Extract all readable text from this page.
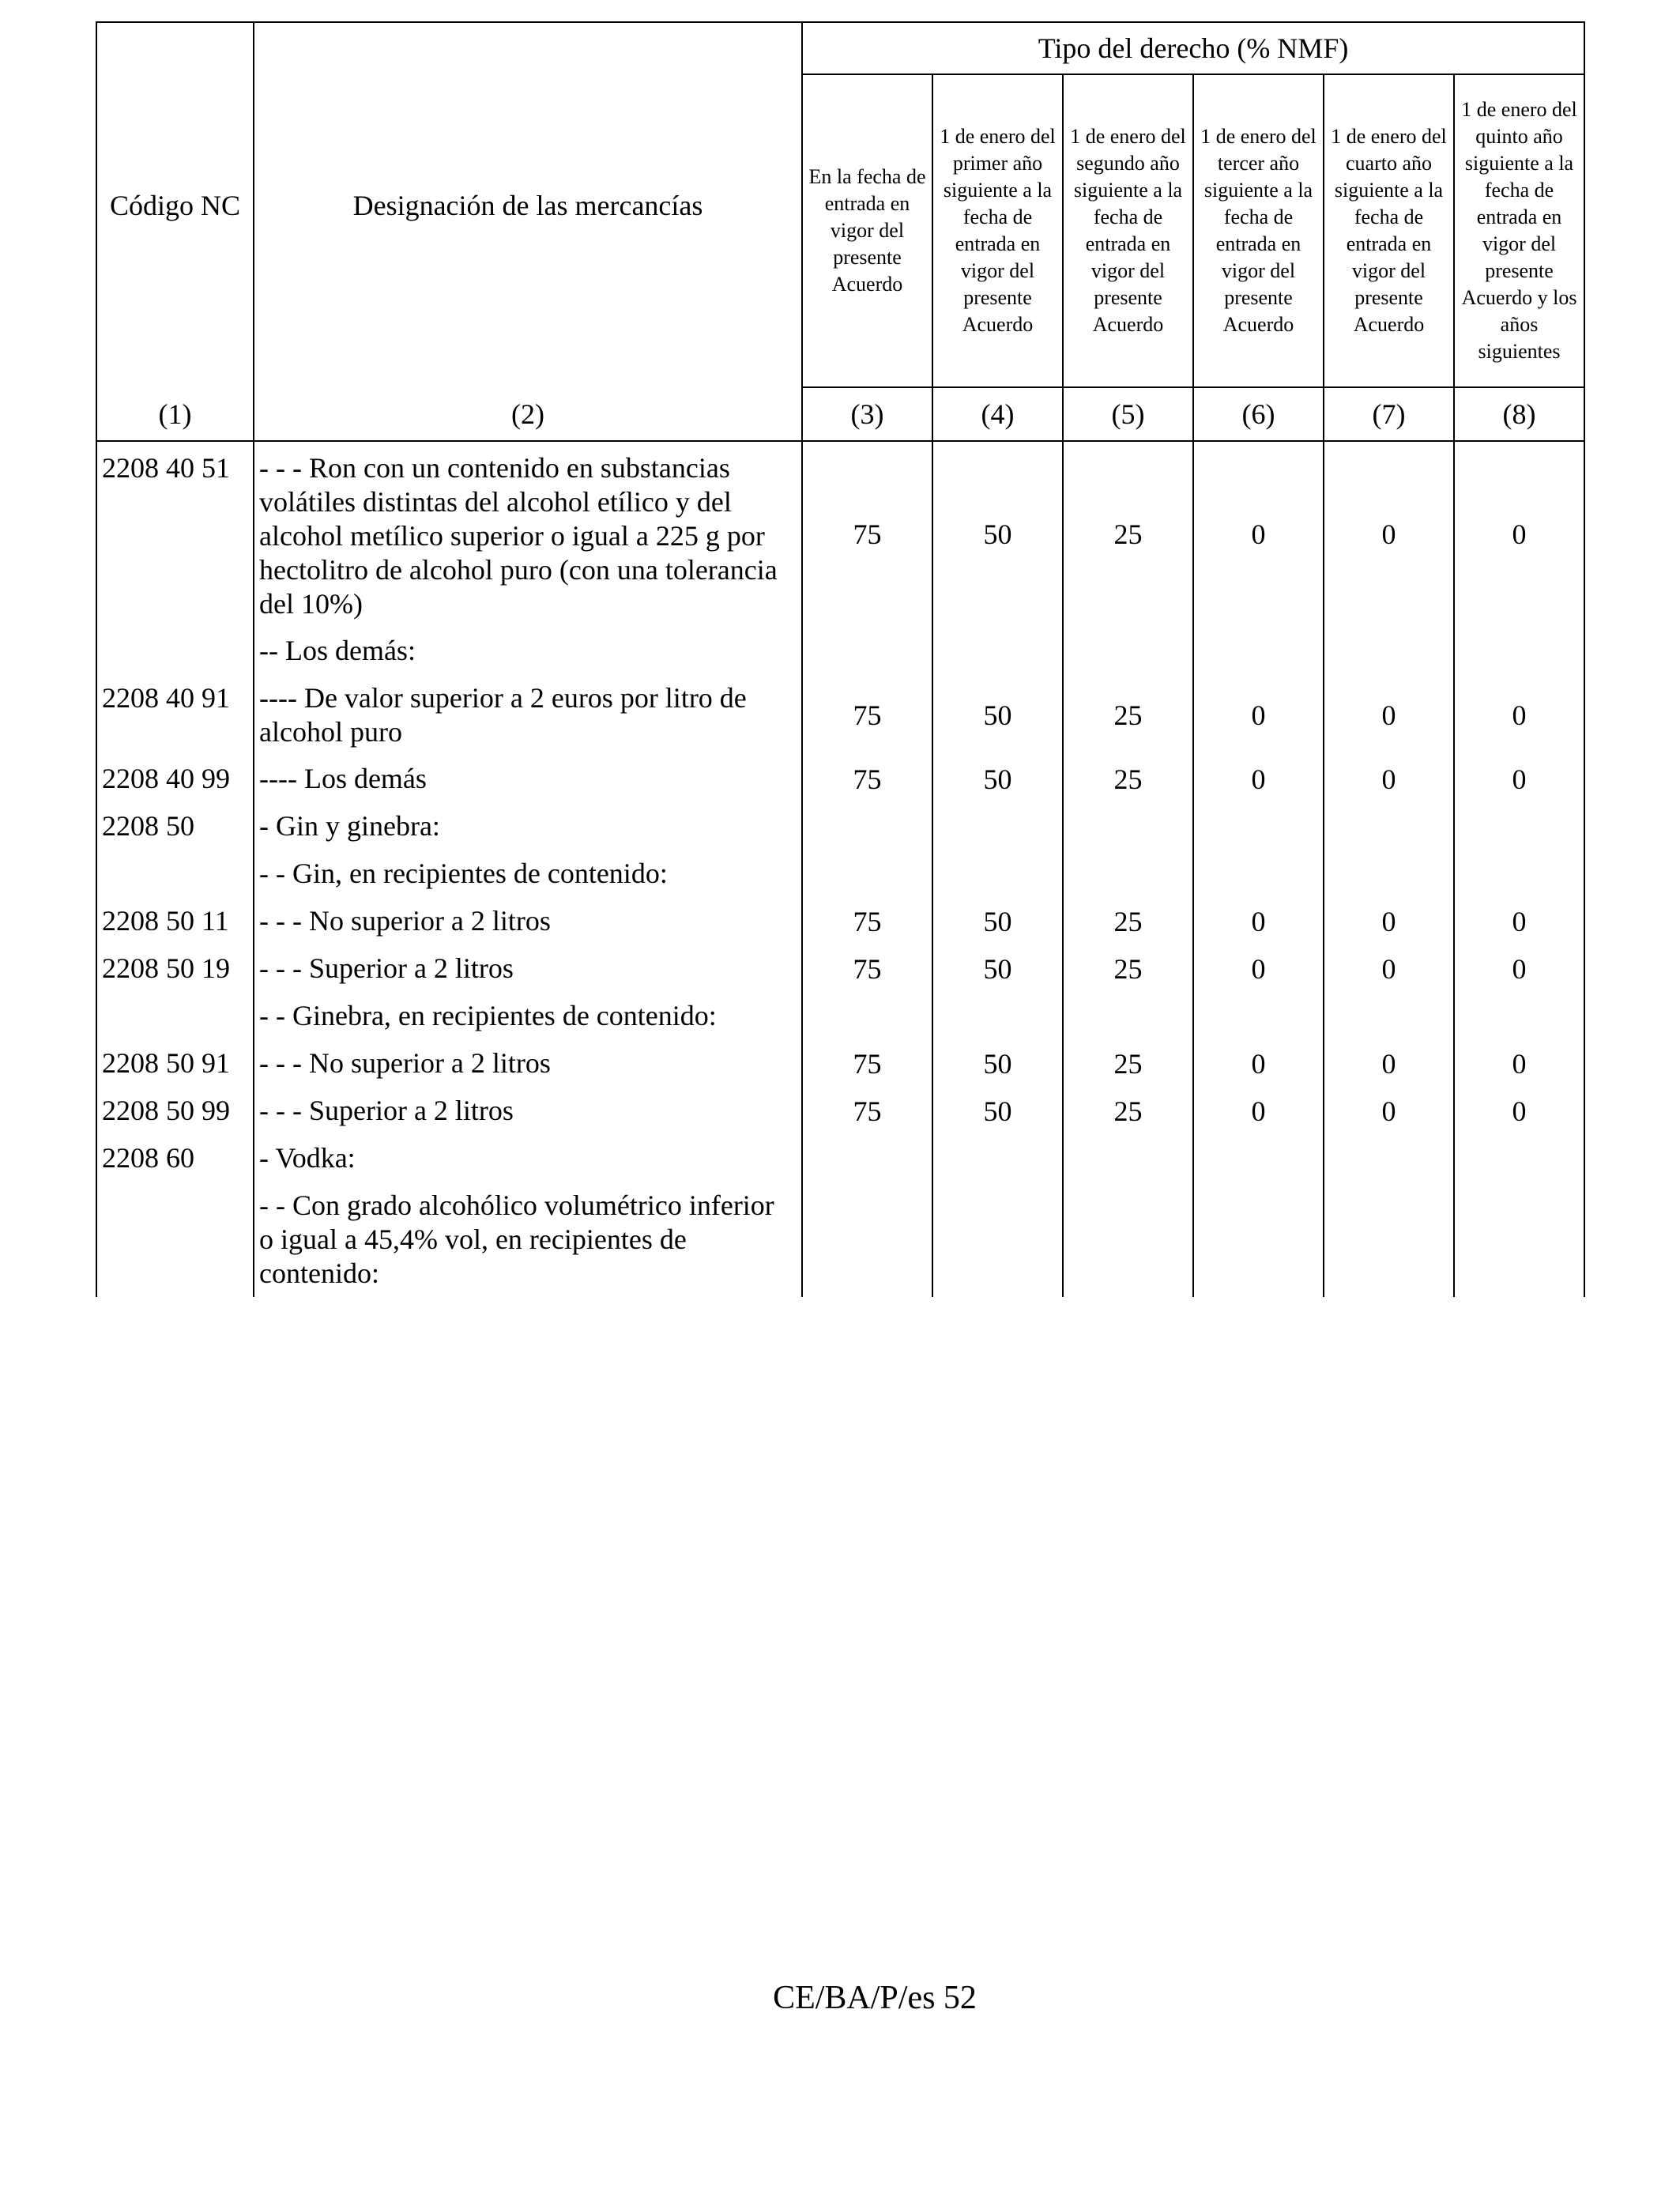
Código NC	Designación de las mercancías	Tipo del derecho (% NMF)					

		En la fecha de entrada en vigor del presente Acuerdo	1 de enero del primer año siguiente a la fecha de entrada en vigor del presente Acuerdo	1 de enero del segundo año siguiente a la fecha de entrada en vigor del presente Acuerdo	1 de enero del tercer año siguiente a la fecha de entrada en vigor del presente Acuerdo	1 de enero del cuarto año siguiente a la fecha de entrada en vigor del presente Acuerdo	1 de enero del quinto año siguiente a la fecha de entrada en vigor del presente Acuerdo y los años siguientes

(1)	(2)	(3)	(4)	(5)	(6)	(7)	(8)
2208 40 51	- - - Ron con un contenido en substancias volátiles distintas del alcohol etílico y del alcohol metílico superior o igual a 225 g por hectolitro de alcohol puro (con una tolerancia del 10%)	75	50	25	0	0	0
	-- Los demás:						
2208 40 91	---- De valor superior a 2 euros por litro de alcohol puro	75	50	25	0	0	0
2208 40 99	---- Los demás	75	50	25	0	0	0
2208 50	- Gin y ginebra:						
	- - Gin, en recipientes de contenido:						
2208 50 11	- - - No superior a 2 litros	75	50	25	0	0	0
2208 50 19	- - - Superior a 2 litros	75	50	25	0	0	0
	- - Ginebra, en recipientes de contenido:						
2208 50 91	- - - No superior a 2 litros	75	50	25	0	0	0
2208 50 99	- - - Superior a 2 litros	75	50	25	0	0	0
2208 60	- Vodka:						
	- - Con grado alcohólico volumétrico inferior o igual a 45,4% vol, en recipientes de contenido:						
CE/BA/P/es 52
